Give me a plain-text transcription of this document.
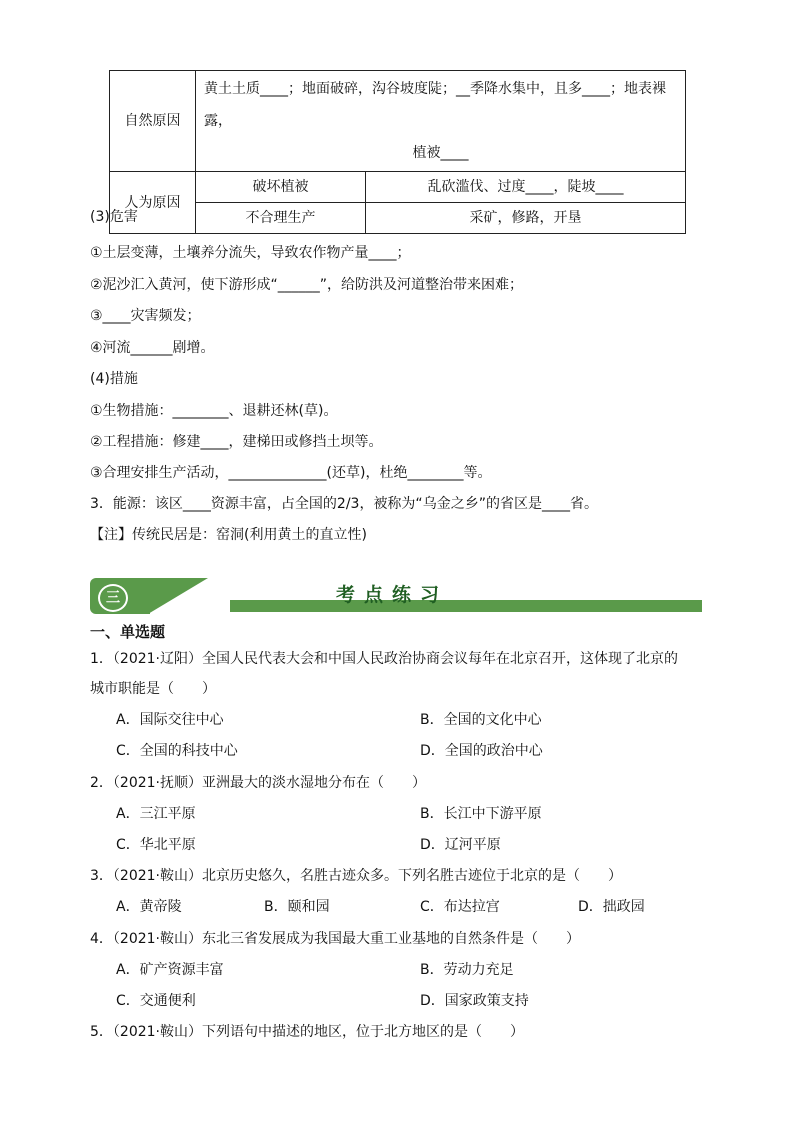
自然原因	黄土土质____；地面破碎，沟谷坡度陡；__季降水集中，且多____；地表裸露，
植被____	

人为原因	破坏植被	乱砍滥伐、过度____，陡坡____
	不合理生产	采矿，修路，开垦
(3)危害
①土层变薄，土壤养分流失，导致农作物产量____；
②泥沙汇入黄河，使下游形成“______”，给防洪及河道整治带来困难；
③____灾害频发；
④河流______剧增。
(4)措施
①生物措施：________、退耕还林(草)。
②工程措施：修建____，建梯田或修挡土坝等。
③合理安排生产活动，______________(还草)，杜绝________等。
3．能源：该区____资源丰富，占全国的2/3，被称为“乌金之乡”的省区是____省。
【注】传统民居是：窑洞(利用黄土的直立性)
三	考点练习
一、单选题
1．（2021·辽阳）全国人民代表大会和中国人民政治协商会议每年在北京召开，这体现了北京的
城市职能是（　　）
A．国际交往中心	B．全国的文化中心
C．全国的科技中心	D．全国的政治中心
2．（2021·抚顺）亚洲最大的淡水湿地分布在（　　）
A．三江平原	B．长江中下游平原
C．华北平原	D．辽河平原
3．（2021·鞍山）北京历史悠久，名胜古迹众多。下列名胜古迹位于北京的是（　　）
A．黄帝陵	B．颐和园	C．布达拉宫	D．拙政园
4．（2021·鞍山）东北三省发展成为我国最大重工业基地的自然条件是（　　）
A．矿产资源丰富	B．劳动力充足
C．交通便利	D．国家政策支持
5．（2021·鞍山）下列语句中描述的地区，位于北方地区的是（　　）
